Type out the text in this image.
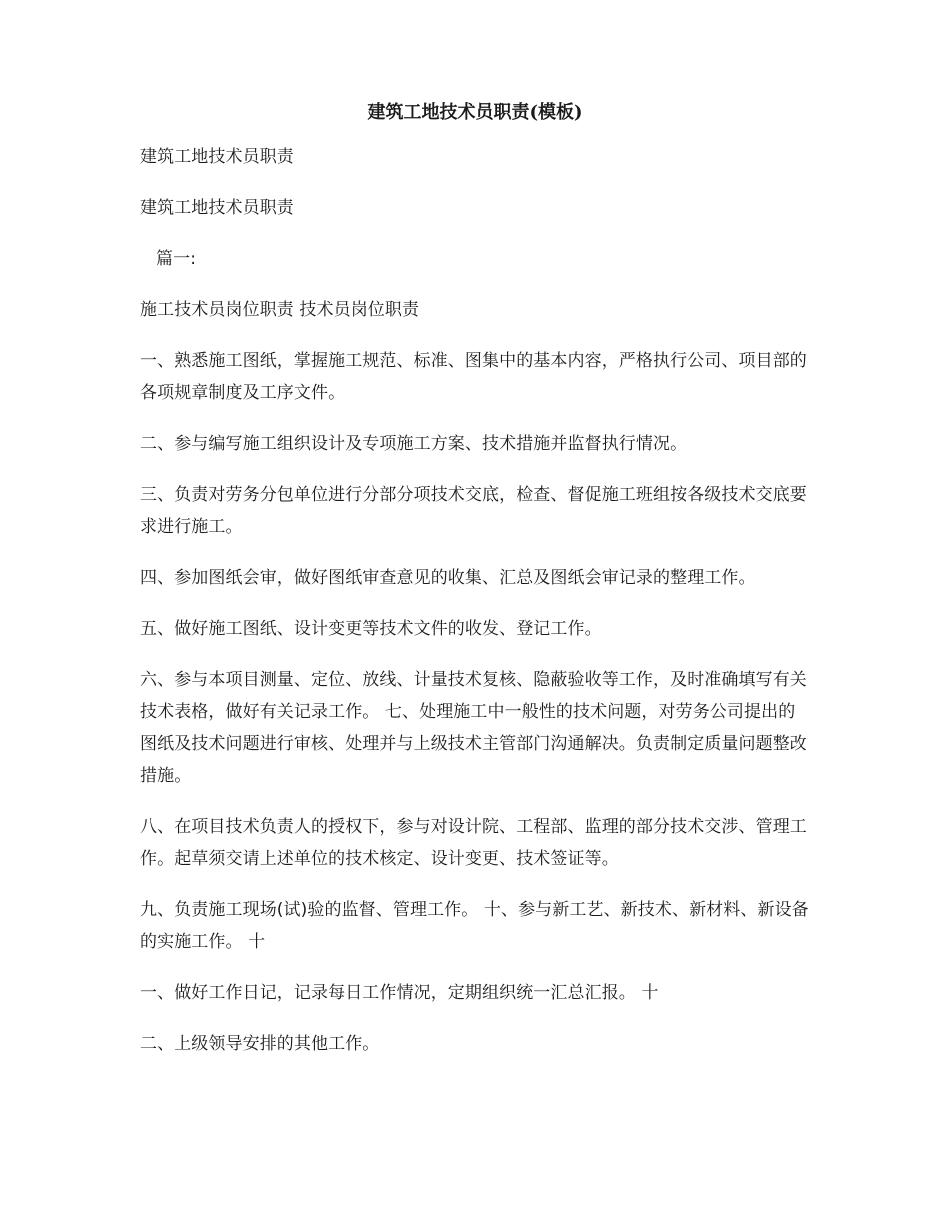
建筑工地技术员职责(模板)

建筑工地技术员职责

建筑工地技术员职责

篇一:

施工技术员岗位职责 技术员岗位职责

一、熟悉施工图纸，掌握施工规范、标准、图集中的基本内容，严格执行公司、项目部的各项规章制度及工序文件。

二、参与编写施工组织设计及专项施工方案、技术措施并监督执行情况。

三、负责对劳务分包单位进行分部分项技术交底，检查、督促施工班组按各级技术交底要求进行施工。

四、参加图纸会审，做好图纸审查意见的收集、汇总及图纸会审记录的整理工作。

五、做好施工图纸、设计变更等技术文件的收发、登记工作。

六、参与本项目测量、定位、放线、计量技术复核、隐蔽验收等工作，及时准确填写有关技术表格，做好有关记录工作。 七、处理施工中一般性的技术问题，对劳务公司提出的图纸及技术问题进行审核、处理并与上级技术主管部门沟通解决。负责制定质量问题整改措施。

八、在项目技术负责人的授权下，参与对设计院、工程部、监理的部分技术交涉、管理工作。起草须交请上述单位的技术核定、设计变更、技术签证等。

九、负责施工现场(试)验的监督、管理工作。 十、参与新工艺、新技术、新材料、新设备的实施工作。 十

一、做好工作日记，记录每日工作情况，定期组织统一汇总汇报。 十

二、上级领导安排的其他工作。
